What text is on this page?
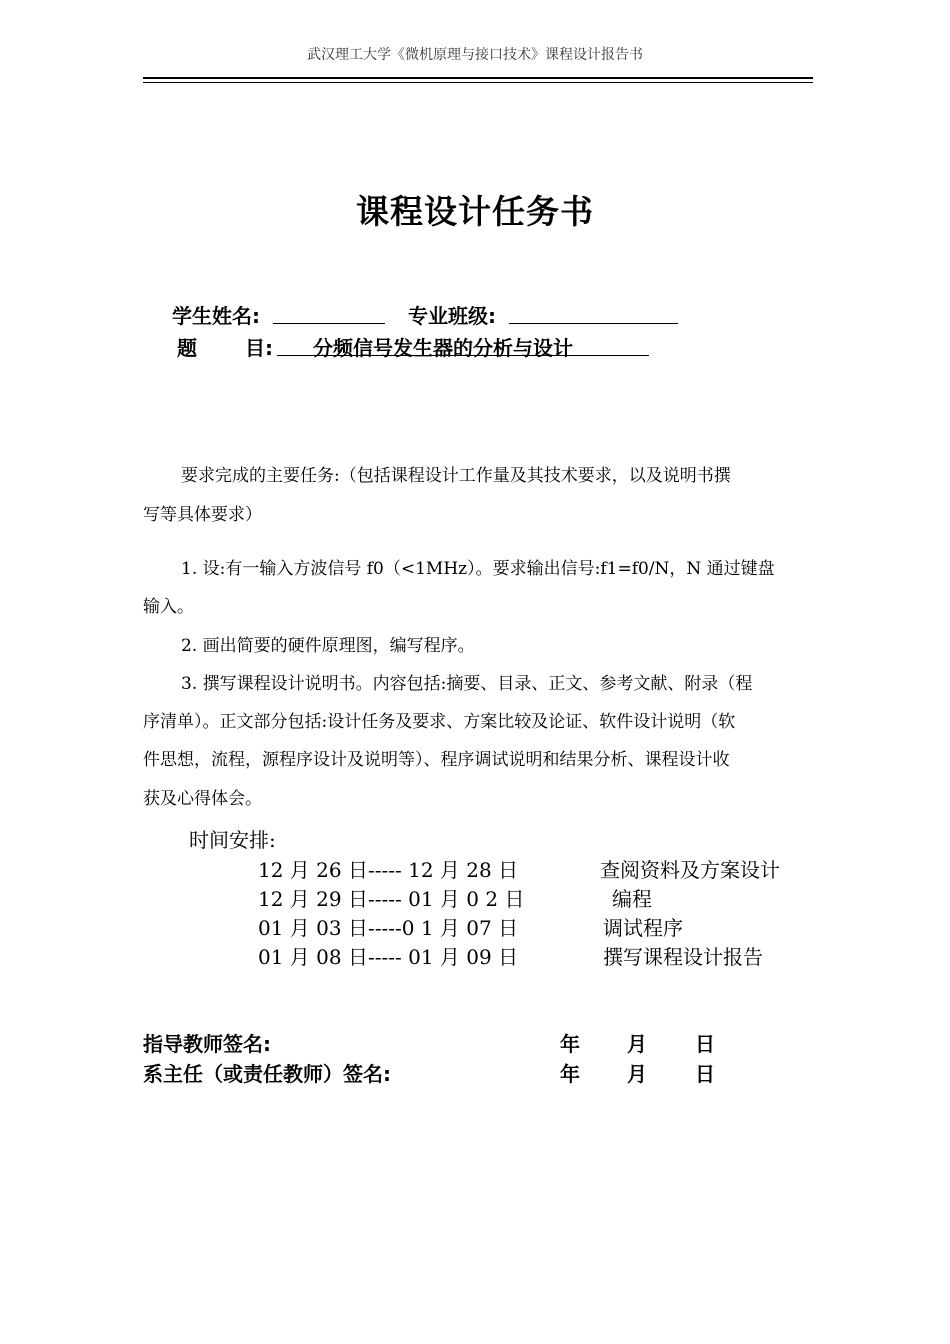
武汉理工大学《微机原理与接口技术》课程设计报告书
课程设计任务书
学生姓名:	专业班级:
题 目: 分频信号发生器的分析与设计
要求完成的主要任务:（包括课程设计工作量及其技术要求，以及说明书撰
写等具体要求）
1. 设:有一输入方波信号 f0（<1MHz）。要求输出信号:f1=f0/N，N 通过键盘
输入。
2. 画出简要的硬件原理图，编写程序。
3. 撰写课程设计说明书。内容包括:摘要、目录、正文、参考文献、附录（程
序清单）。正文部分包括:设计任务及要求、方案比较及论证、软件设计说明（软
件思想，流程，源程序设计及说明等）、程序调试说明和结果分析、课程设计收
获及心得体会。
时间安排:
12 月 26 日----- 12 月 28 日	查阅资料及方案设计
12 月 29 日----- 01 月 0 2 日	编程
01 月 03 日-----0 1 月 07 日	调试程序
01 月 08 日----- 01 月 09 日	撰写课程设计报告
指导教师签名:	年 月 日
系主任（或责任教师）签名:	年 月 日
